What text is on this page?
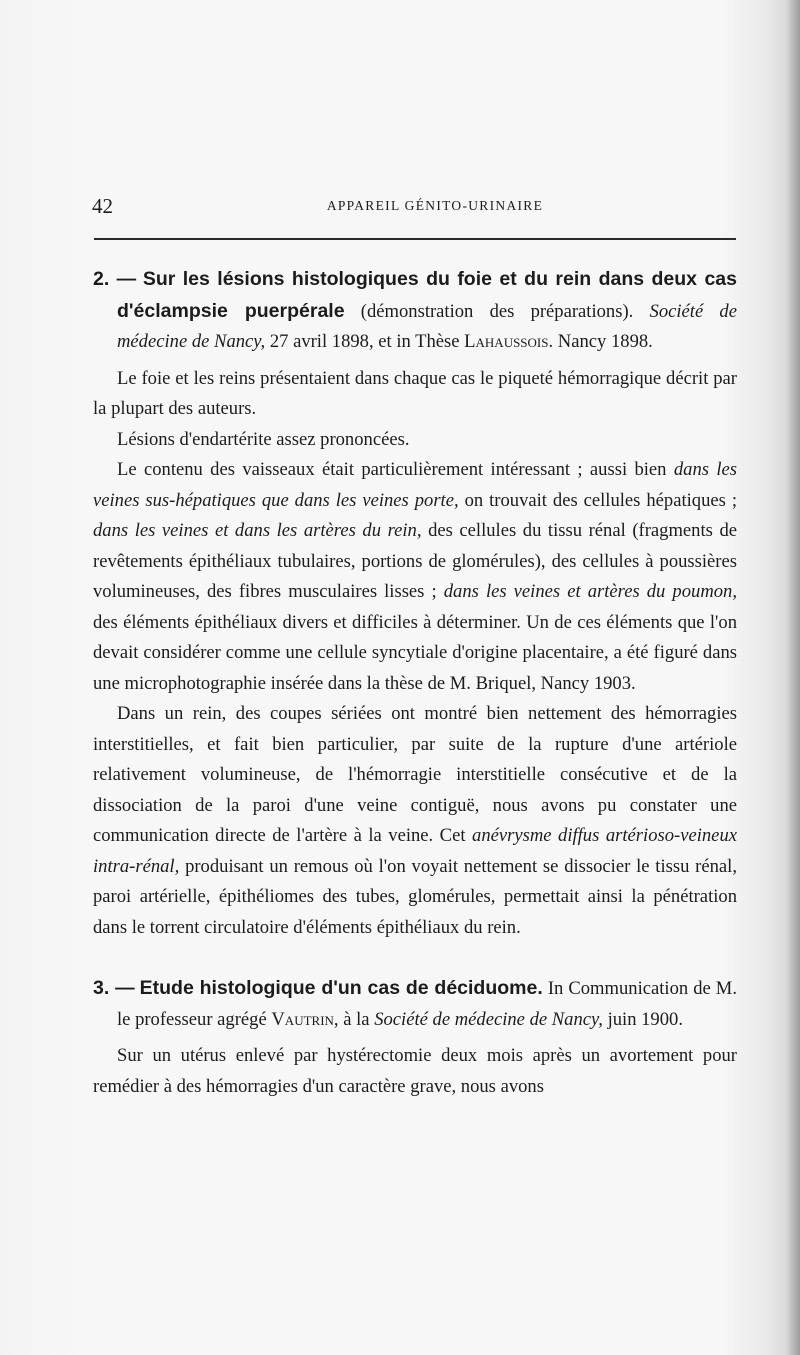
42	APPAREIL GÉNITO-URINAIRE
2. — Sur les lésions histologiques du foie et du rein dans deux cas d'éclampsie puerpérale (démonstration des préparations). Société de médecine de Nancy, 27 avril 1898, et in Thèse Lahaussois. Nancy 1898.

Le foie et les reins présentaient dans chaque cas le piqueté hémorragique décrit par la plupart des auteurs.

Lésions d'endartérite assez prononcées.

Le contenu des vaisseaux était particulièrement intéressant ; aussi bien dans les veines sus-hépatiques que dans les veines porte, on trouvait des cellules hépatiques ; dans les veines et dans les artères du rein, des cellules du tissu rénal (fragments de revêtements épithéliaux tubulaires, portions de glomérules), des cellules à poussières volumineuses, des fibres musculaires lisses ; dans les veines et artères du poumon, des éléments épithéliaux divers et difficiles à déterminer. Un de ces éléments que l'on devait considérer comme une cellule syncytiale d'origine placentaire, a été figuré dans une microphotographie insérée dans la thèse de M. Briquel, Nancy 1903.

Dans un rein, des coupes sériées ont montré bien nettement des hémorragies interstitielles, et fait bien particulier, par suite de la rupture d'une artériole relativement volumineuse, de l'hémorragie interstitielle consécutive et de la dissociation de la paroi d'une veine contiguë, nous avons pu constater une communication directe de l'artère à la veine. Cet anévrysme diffus artérioso-veineux intra-rénal, produisant un remous où l'on voyait nettement se dissocier le tissu rénal, paroi artérielle, épithéliomes des tubes, glomérules, permettait ainsi la pénétration dans le torrent circulatoire d'éléments épithéliaux du rein.

3. — Etude histologique d'un cas de déciduome. In Communication de M. le professeur agrégé Vautrin, à la Société de médecine de Nancy, juin 1900.

Sur un utérus enlevé par hystérectomie deux mois après un avortement pour remédier à des hémorragies d'un caractère grave, nous avons
